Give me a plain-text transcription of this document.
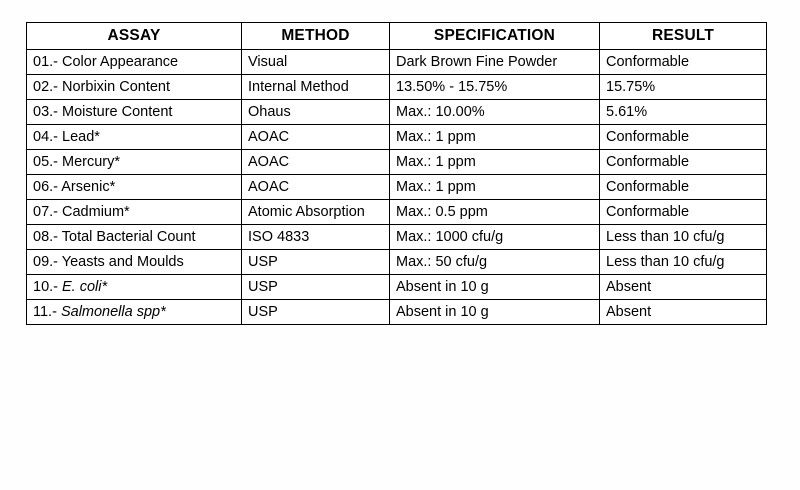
ASSAY	METHOD	SPECIFICATION	RESULT
01.- Color Appearance	Visual	Dark Brown Fine Powder	Conformable
02.- Norbixin Content	Internal Method	13.50% - 15.75%	15.75%
03.- Moisture Content	Ohaus	Max.: 10.00%	5.61%
04.- Lead*	AOAC	Max.: 1 ppm	Conformable
05.- Mercury*	AOAC	Max.: 1 ppm	Conformable
06.- Arsenic*	AOAC	Max.: 1 ppm	Conformable
07.- Cadmium*	Atomic Absorption	Max.: 0.5 ppm	Conformable
08.- Total Bacterial Count	ISO 4833	Max.: 1000 cfu/g	Less than 10 cfu/g
09.- Yeasts and Moulds	USP	Max.: 50 cfu/g	Less than 10 cfu/g
10.- E. coli*	USP	Absent in 10 g	Absent
11.- Salmonella spp*	USP	Absent in 10 g	Absent
